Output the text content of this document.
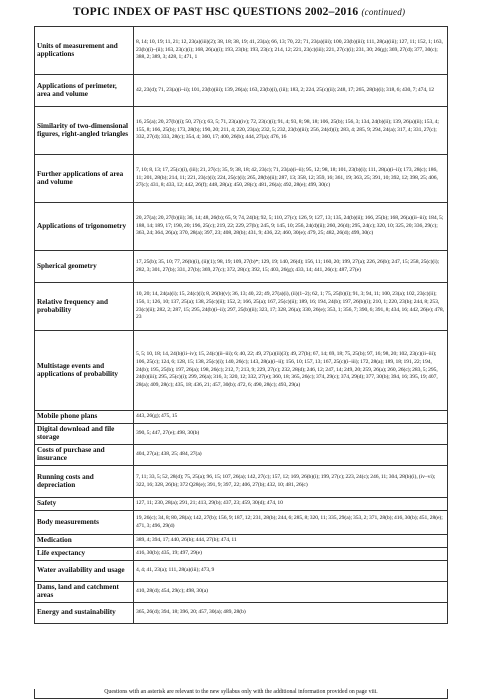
TOPIC INDEX OF PAST HSC QUESTIONS 2002–2016 (continued)
Units of measurement and applications	8, 14; 10, 19; 11, 21; 12, 23(a)(iii)(2); 38, 18; 38, 19; 41, 23(a); 66, 13; 70, 22; 71, 23(a)(iii); 100, 23(b)(iii); 111, 28(a)(iii); 127, 11; 152, 1; 163, 23(b)(i)–(ii); 163, 23(c)(i); 168, 26(a)(i); 193, 23(b); 193, 23(c); 214, 12; 221, 23(c)(iii); 221, 27(c)(i); 231, 30; 26(g); 369, 27(d); 377, 30(c); 388, 2; 389, 3; 428, 1; 471, 1
Applications of perimeter, area and volume	42, 23(d); 71, 23(a)(i–ii); 101, 23(b)(iii); 139, 26(a); 163, 23(b)(i), (iii); 183, 2; 224, 25(c)(ii); 248, 17; 265, 28(b)(i); 318, 6; 430, 7; 474, 12
Similarity of two-dimensional figures, right-angled triangles	16, 25(a); 20, 27(b)(i); 50, 27(c); 63, 5; 71, 23(a)(iv); 72, 23(c)(i); 91, 4; 93, 8; 98, 18; 106, 25(b); 156, 3; 134, 24(b)(ii); 139, 26(a)(ii); 153, 4; 155, 8; 166, 25(b); 173, 28(b); 190, 20; 211, 4; 220, 23(a); 232, 5; 232, 23(b)(iii); 256, 24(d)(i); 283, 4; 285, 9; 294, 24(a); 317, 4; 331, 27(c); 332, 27(d); 333, 28(c); 354, 4; 360, 17; 400, 26(b); 444, 27(a); 476, 16
Further applications of area and volume	7, 10; 8, 13; 17, 25(c)(i), (iii); 21, 27(c); 35, 9; 38, 18; 42, 23(c); 71, 23(a)(i–ii); 95, 12; 98, 18; 101, 23(b)(i); 111, 28(a)(i–ii); 173, 28(c); 186, 11; 201, 28(b); 214, 11; 221, 23(c)(i); 224, 25(c)(i); 265, 28(b)(ii); 287, 13; 358, 12; 359, 16; 361, 19; 363, 25; 391, 10; 392, 12; 398, 25; 406, 27(c); 431, 8; 433, 12; 442, 26(f); 448, 28(a); 450, 28(c); 481, 26(a); 492, 28(e); 499, 30(c)
Applications of trigonometry	20, 27(a); 20, 27(b)(ii); 36, 14; 48, 26(b); 65, 9; 74, 24(b); 92, 5; 110, 27(c); 126, 9; 127, 13; 135, 24(b)(ii); 166, 25(b); 168, 26(a)(ii–iii); 184, 5; 188, 14; 189, 17; 190, 20; 196, 25(c); 219, 22; 229, 27(b); 245, 9; 145, 10; 256, 24(d)(ii); 260, 26(d); 295, 24(c); 320, 10; 325, 20; 336, 29(c); 363, 24; 364, 26(a); 370, 28(a); 397, 23; 408, 28(b); 431, 9; 436, 22; 460, 30(e); 479, 25; 482, 26(d); 499, 30(c)
Spherical geometry	17, 25(b); 35, 10; 77, 26(b)(i), (ii)(1); 98, 19; 109, 27(b)*; 129, 19; 140, 26(d); 156, 11; 160, 20; 199, 27(a); 226, 26(b); 247, 15; 258, 25(c)(i); 282, 3; 301, 27(b); 331, 27(b); 369, 27(c); 372, 28(c); 392, 15; 403, 26(g); 433, 14; 441, 26(c); 487, 27(e)
Relative frequency and probability	10, 20; 14, 24(a)(i); 15, 24(c)(i); 8, 26(b)(v); 36, 13; 40, 22; 49, 27(a)(i), (ii)(1–2); 62, 1; 75, 25(b)(i); 91, 3; 94, 11; 100, 23(a); 102, 23(c)(ii); 156, 1; 126, 10; 137, 25(a); 138, 25(c)(ii); 152, 2; 166, 25(a); 167, 25(c)(ii); 189, 16; 194, 24(b); 197, 26(b)(i); 210, 1; 220, 23(b); 244, 8; 253, 23(c)(ii); 282, 2; 287, 15; 295, 24(b)(i–ii); 297, 25(b)(ii); 323, 17; 328, 26(a); 330, 26(e); 353, 1; 356, 7; 390, 6; 391, 8; 434, 16; 442, 26(e); 478, 23
Multistage events and applications of probability	5, 5; 10, 18; 14, 24(b)(ii–iv); 15, 24(c)(ii–iii); 6; 40, 22; 49, 27(a)(ii)(3); 49, 27(b); 67, 14; 69, 18; 75, 25(b); 97, 16; 98, 20; 102, 23(c)(ii–iii); 106, 25(c); 124, 6; 128, 15; 138, 25(c)(i); 140, 26(c); 143, 28(a)(i–ii); 156, 10; 157, 13; 167, 25(c)(i–iii); 172, 28(a); 189, 18; 191, 22; 194, 24(b); 195, 25(b); 197, 26(a); 198, 26(c); 212, 7; 213, 9; 229, 27(c); 232, 28(d); 246, 12; 247, 14; 249, 20; 259, 26(a); 260, 26(c); 283, 5; 295, 24(b)(iii); 295, 25(c)(i); 299, 26(a); 316, 3; 320, 12; 332, 27(e); 360, 18; 365, 26(c); 374, 29(c); 374, 29(d); 377, 30(b); 394, 16; 395, 19; 407, 28(a); 409, 28(c); 435, 18; 436, 21; 457, 30(b); 472, 6; 490, 28(c); 493, 29(a)
Mobile phone plans	443, 26(g); 475, 15
Digital download and file storage	390, 5; 447, 27(e); 498, 30(b)
Costs of purchase and insurance	404, 27(a); 438, 25; 484, 27(a)
Running costs and depreciation	7, 11; 33, 5; 52, 28(d); 75, 25(a); 96, 15; 107, 26(a); 142, 27(c); 157, 12; 169, 26(b)(i); 199, 27(c); 223, 24(c); 246, 11; 304, 28(b)(i), (iv–vi); 322, 16; 328, 26(b); 372 Q28(e); 391, 9; 397, 22; 406, 27(b); 432, 10; 481, 26(c)
Safety	127, 11; 230, 28(a); 291, 21; 413, 29(b); 437, 23; 459, 30(d); 474, 10
Body measurements	19, 26(c); 34, 8; 80, 28(a); 142, 27(b); 156, 9; 187, 12; 231, 28(b); 244, 6; 285, 8; 320, 11; 335, 29(a); 353, 2; 371, 28(b); 416, 30(b); 451, 28(e); 471, 3; 496, 29(d)
Medication	389, 4; 394, 17; 440, 26(b); 444, 27(b); 474, 11
Life expectancy	416, 30(b); 435, 19; 497, 29(e)
Water availability and usage	4, 4; 41, 23(a); 111, 28(a)(iii); 473, 9
Dams, land and catchment areas	410, 28(d); 454, 29(c); 498, 30(a)
Energy and sustainability	365, 26(d); 394, 18; 396, 20; 457, 30(a); 489, 28(b)
Questions with an asterisk are relevant to the new syllabus only with the additional information provided on page viii.
